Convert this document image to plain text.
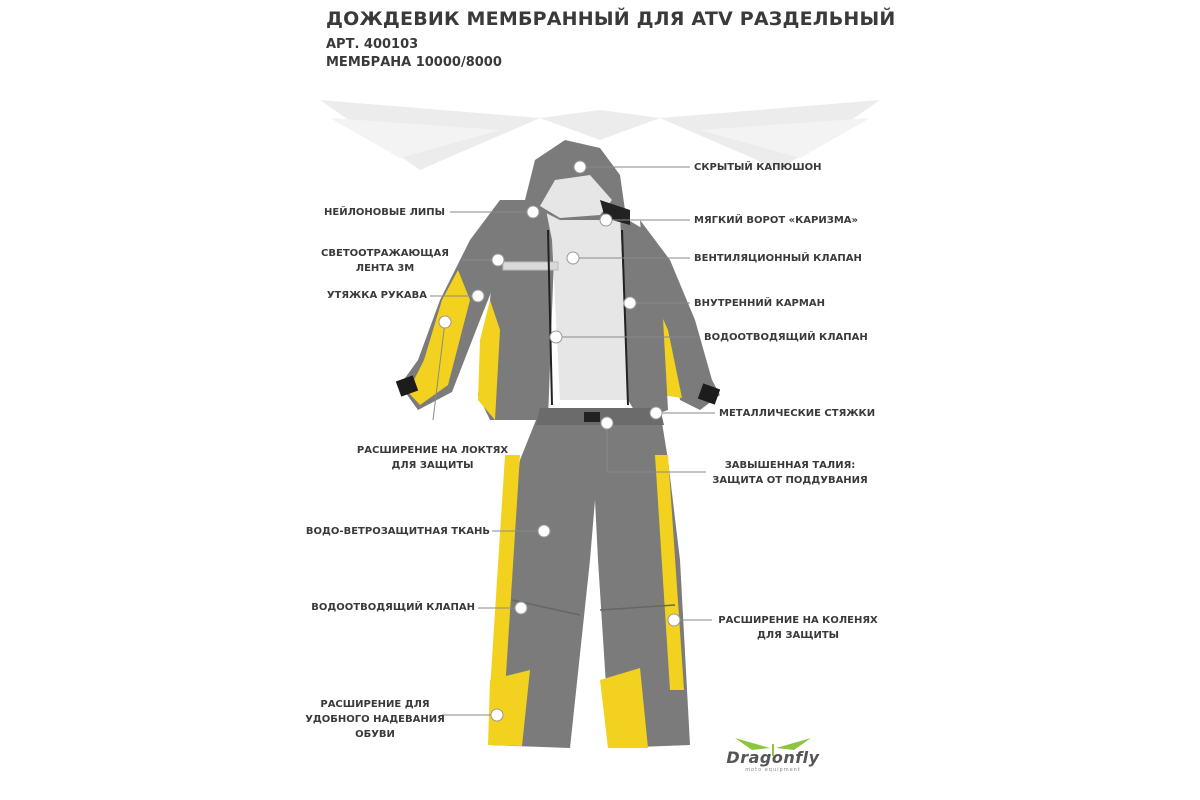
ДОЖДЕВИК МЕМБРАННЫЙ ДЛЯ ATV РАЗДЕЛЬНЫЙ
АРТ. 400103
МЕМБРАНА 10000/8000
НЕЙЛОНОВЫЕ ЛИПЫ
СВЕТООТРАЖАЮЩАЯ
ЛЕНТА 3М
УТЯЖКА РУКАВА
РАСШИРЕНИЕ НА ЛОКТЯХ
ДЛЯ ЗАЩИТЫ
ВОДО-ВЕТРОЗАЩИТНАЯ ТКАНЬ
ВОДООТВОДЯЩИЙ КЛАПАН
РАСШИРЕНИЕ ДЛЯ
УДОБНОГО НАДЕВАНИЯ
ОБУВИ
СКРЫТЫЙ КАПЮШОН
МЯГКИЙ ВОРОТ «КАРИЗМА»
ВЕНТИЛЯЦИОННЫЙ КЛАПАН
ВНУТРЕННИЙ КАРМАН
ВОДООТВОДЯЩИЙ КЛАПАН
МЕТАЛЛИЧЕСКИЕ СТЯЖКИ
ЗАВЫШЕННАЯ ТАЛИЯ:
ЗАЩИТА ОТ ПОДДУВАНИЯ
РАСШИРЕНИЕ НА КОЛЕНЯХ
ДЛЯ ЗАЩИТЫ
Dragonfly
moto equipment
